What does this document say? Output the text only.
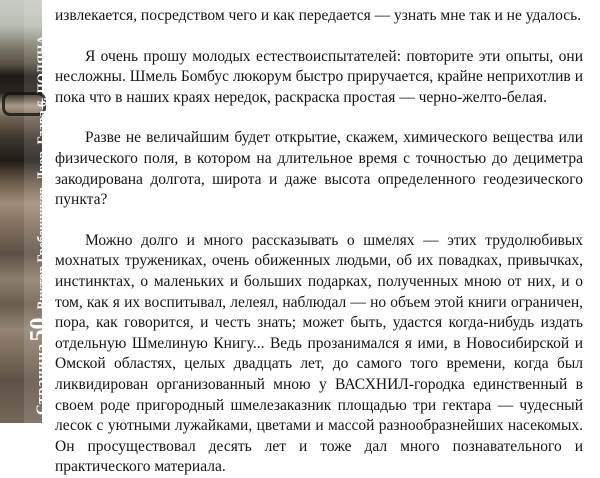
Страница50Виктор Гребенников. Двор. Глава 6. ПОЛЯНА

извлекается, посредством чего и как передается — узнать мне так и не удалось.

Я очень прошу молодых естествоиспытателей: повторите эти опыты, они несложны. Шмель Бомбус люкорум быстро приручается, крайне неприхотлив и пока что в наших краях нередок, раскраска простая — черно-желто-белая.

Разве не величайшим будет открытие, скажем, химического вещества или физического поля, в котором на длительное время с точностью до дециметра закодирована долгота, широта и даже высота определенного геодезического пункта?

Можно долго и много рассказывать о шмелях — этих трудолюбивых мохнатых тружениках, очень обиженных людьми, об их повадках, привычках, инстинктах, о маленьких и больших подарках, полученных мною от них, и о том, как я их воспитывал, лелеял, наблюдал — но объем этой книги ограничен, пора, как говорится, и честь знать; может быть, удастся когда-нибудь издать отдельную Шмелиную Книгу... Ведь прозанимался я ими, в Новосибирской и Омской областях, целых двадцать лет, до самого того времени, когда был ликвидирован организованный мною у ВАСХНИЛ-городка единственный в своем роде пригородный шмелезаказник площадью три гектара — чудесный лесок с уютными лужайками, цветами и массой разнообразнейших насекомых. Он просуществовал десять лет и тоже дал много познавательного и практического материала.
